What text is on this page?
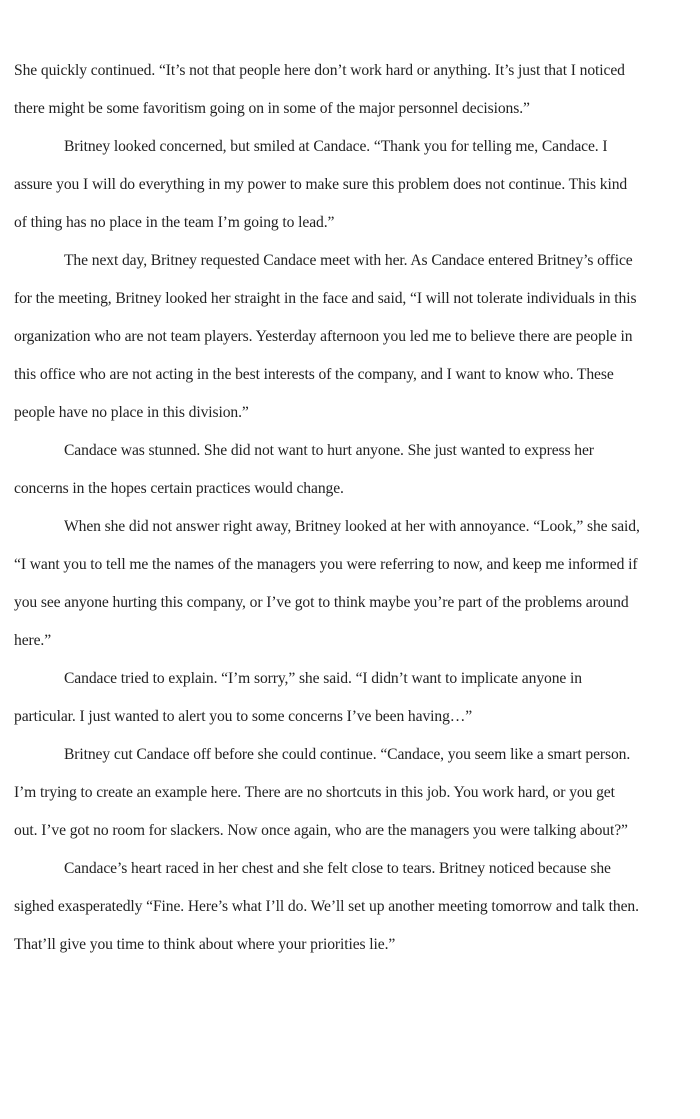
She quickly continued. “It’s not that people here don’t work hard or anything. It’s just that I noticed there might be some favoritism going on in some of the major personnel decisions.”

Britney looked concerned, but smiled at Candace. “Thank you for telling me, Candace. I assure you I will do everything in my power to make sure this problem does not continue. This kind of thing has no place in the team I’m going to lead.”

The next day, Britney requested Candace meet with her. As Candace entered Britney’s office for the meeting, Britney looked her straight in the face and said, “I will not tolerate individuals in this organization who are not team players. Yesterday afternoon you led me to believe there are people in this office who are not acting in the best interests of the company, and I want to know who. These people have no place in this division.”

Candace was stunned. She did not want to hurt anyone. She just wanted to express her concerns in the hopes certain practices would change.

When she did not answer right away, Britney looked at her with annoyance. “Look,” she said, “I want you to tell me the names of the managers you were referring to now, and keep me informed if you see anyone hurting this company, or I’ve got to think maybe you’re part of the problems around here.”

Candace tried to explain. “I’m sorry,” she said. “I didn’t want to implicate anyone in particular. I just wanted to alert you to some concerns I’ve been having…”

Britney cut Candace off before she could continue. “Candace, you seem like a smart person. I’m trying to create an example here. There are no shortcuts in this job. You work hard, or you get out. I’ve got no room for slackers. Now once again, who are the managers you were talking about?”

Candace’s heart raced in her chest and she felt close to tears. Britney noticed because she sighed exasperatedly “Fine. Here’s what I’ll do. We’ll set up another meeting tomorrow and talk then. That’ll give you time to think about where your priorities lie.”
